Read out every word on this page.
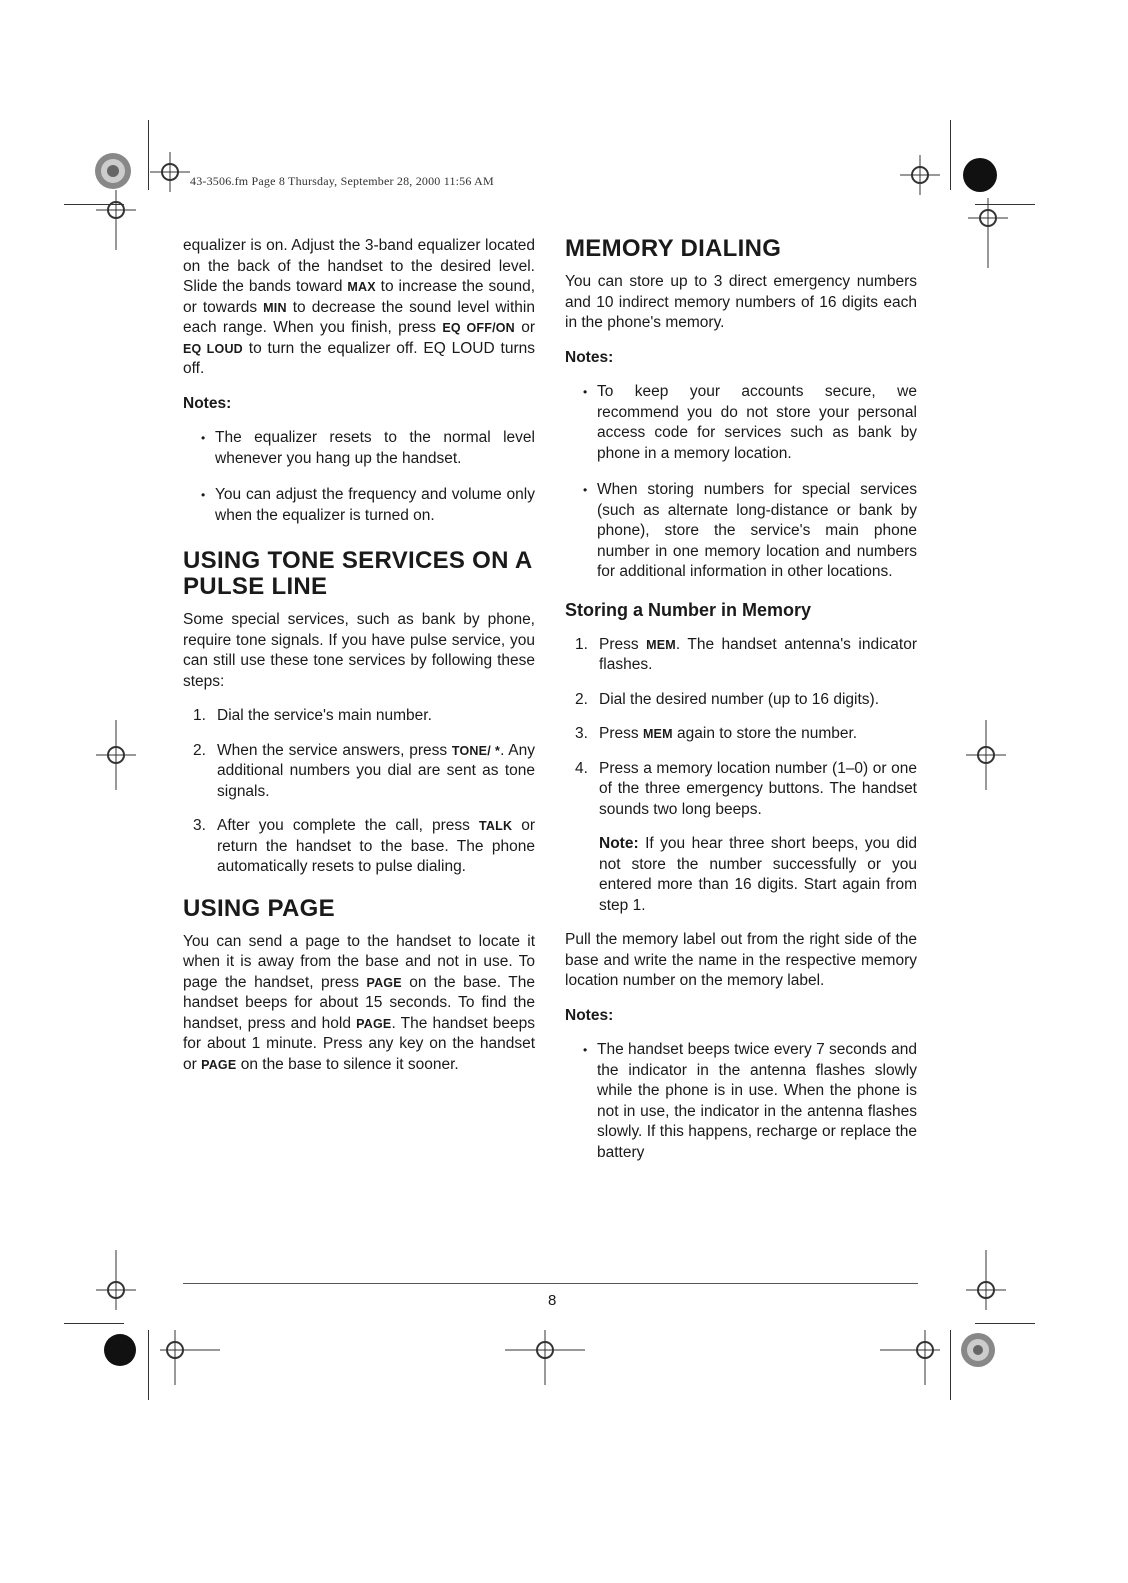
43-3506.fm Page 8 Thursday, September 28, 2000 11:56 AM

equalizer is on. Adjust the 3-band equalizer located on the back of the handset to the desired level. Slide the bands toward MAX to increase the sound, or towards MIN to decrease the sound level within each range. When you finish, press EQ OFF/ON or EQ LOUD to turn the equalizer off. EQ LOUD turns off.

Notes:
• The equalizer resets to the normal level whenever you hang up the handset.
• You can adjust the frequency and volume only when the equalizer is turned on.
USING TONE SERVICES ON A PULSE LINE

Some special services, such as bank by phone, require tone signals. If you have pulse service, you can still use these tone services by following these steps:

1. Dial the service's main number.
2. When the service answers, press TONE/ *. Any additional numbers you dial are sent as tone signals.
3. After you complete the call, press TALK or return the handset to the base. The phone automatically resets to pulse dialing.
USING PAGE

You can send a page to the handset to locate it when it is away from the base and not in use. To page the handset, press PAGE on the base. The handset beeps for about 15 seconds. To find the handset, press and hold PAGE. The handset beeps for about 1 minute. Press any key on the handset or PAGE on the base to silence it sooner.

MEMORY DIALING

You can store up to 3 direct emergency numbers and 10 indirect memory numbers of 16 digits each in the phone's memory.

Notes:
• To keep your accounts secure, we recommend you do not store your personal access code for services such as bank by phone in a memory location.
• When storing numbers for special services (such as alternate long-distance or bank by phone), store the service's main phone number in one memory location and numbers for additional information in other locations.
Storing a Number in Memory
1. Press MEM. The handset antenna's indicator flashes.
2. Dial the desired number (up to 16 digits).
3. Press MEM again to store the number.
4. Press a memory location number (1–0) or one of the three emergency buttons. The handset sounds two long beeps.

Note: If you hear three short beeps, you did not store the number successfully or you entered more than 16 digits. Start again from step 1.

Pull the memory label out from the right side of the base and write the name in the respective memory location number on the memory label.

Notes:
• The handset beeps twice every 7 seconds and the indicator in the antenna flashes slowly while the phone is in use. When the phone is not in use, the indicator in the antenna flashes slowly. If this happens, recharge or replace the battery
8
